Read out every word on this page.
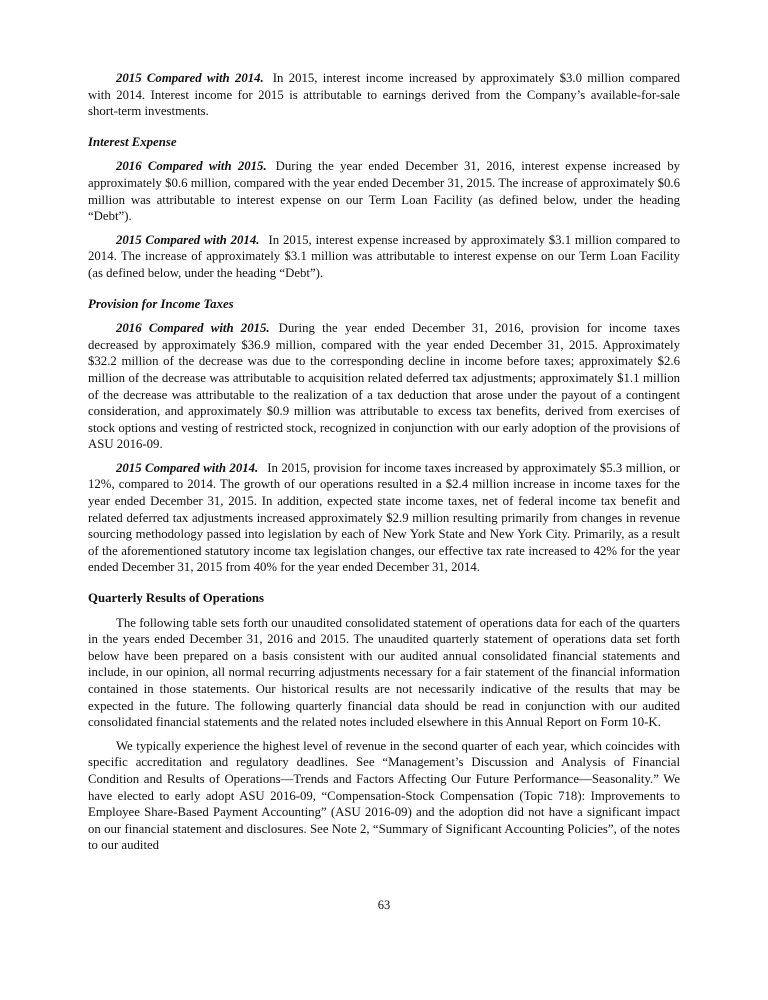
2015 Compared with 2014. In 2015, interest income increased by approximately $3.0 million compared with 2014. Interest income for 2015 is attributable to earnings derived from the Company’s available-for-sale short-term investments.

Interest Expense

2016 Compared with 2015. During the year ended December 31, 2016, interest expense increased by approximately $0.6 million, compared with the year ended December 31, 2015. The increase of approximately $0.6 million was attributable to interest expense on our Term Loan Facility (as defined below, under the heading “Debt”).

2015 Compared with 2014. In 2015, interest expense increased by approximately $3.1 million compared to 2014. The increase of approximately $3.1 million was attributable to interest expense on our Term Loan Facility (as defined below, under the heading “Debt”).

Provision for Income Taxes

2016 Compared with 2015. During the year ended December 31, 2016, provision for income taxes decreased by approximately $36.9 million, compared with the year ended December 31, 2015. Approximately $32.2 million of the decrease was due to the corresponding decline in income before taxes; approximately $2.6 million of the decrease was attributable to acquisition related deferred tax adjustments; approximately $1.1 million of the decrease was attributable to the realization of a tax deduction that arose under the payout of a contingent consideration, and approximately $0.9 million was attributable to excess tax benefits, derived from exercises of stock options and vesting of restricted stock, recognized in conjunction with our early adoption of the provisions of ASU 2016-09.

2015 Compared with 2014. In 2015, provision for income taxes increased by approximately $5.3 million, or 12%, compared to 2014. The growth of our operations resulted in a $2.4 million increase in income taxes for the year ended December 31, 2015. In addition, expected state income taxes, net of federal income tax benefit and related deferred tax adjustments increased approximately $2.9 million resulting primarily from changes in revenue sourcing methodology passed into legislation by each of New York State and New York City. Primarily, as a result of the aforementioned statutory income tax legislation changes, our effective tax rate increased to 42% for the year ended December 31, 2015 from 40% for the year ended December 31, 2014.

Quarterly Results of Operations

The following table sets forth our unaudited consolidated statement of operations data for each of the quarters in the years ended December 31, 2016 and 2015. The unaudited quarterly statement of operations data set forth below have been prepared on a basis consistent with our audited annual consolidated financial statements and include, in our opinion, all normal recurring adjustments necessary for a fair statement of the financial information contained in those statements. Our historical results are not necessarily indicative of the results that may be expected in the future. The following quarterly financial data should be read in conjunction with our audited consolidated financial statements and the related notes included elsewhere in this Annual Report on Form 10-K.

We typically experience the highest level of revenue in the second quarter of each year, which coincides with specific accreditation and regulatory deadlines. See “Management’s Discussion and Analysis of Financial Condition and Results of Operations—Trends and Factors Affecting Our Future Performance—Seasonality.” We have elected to early adopt ASU 2016-09, “Compensation-Stock Compensation (Topic 718): Improvements to Employee Share-Based Payment Accounting” (ASU 2016-09) and the adoption did not have a significant impact on our financial statement and disclosures. See Note 2, “Summary of Significant Accounting Policies”, of the notes to our audited

63
